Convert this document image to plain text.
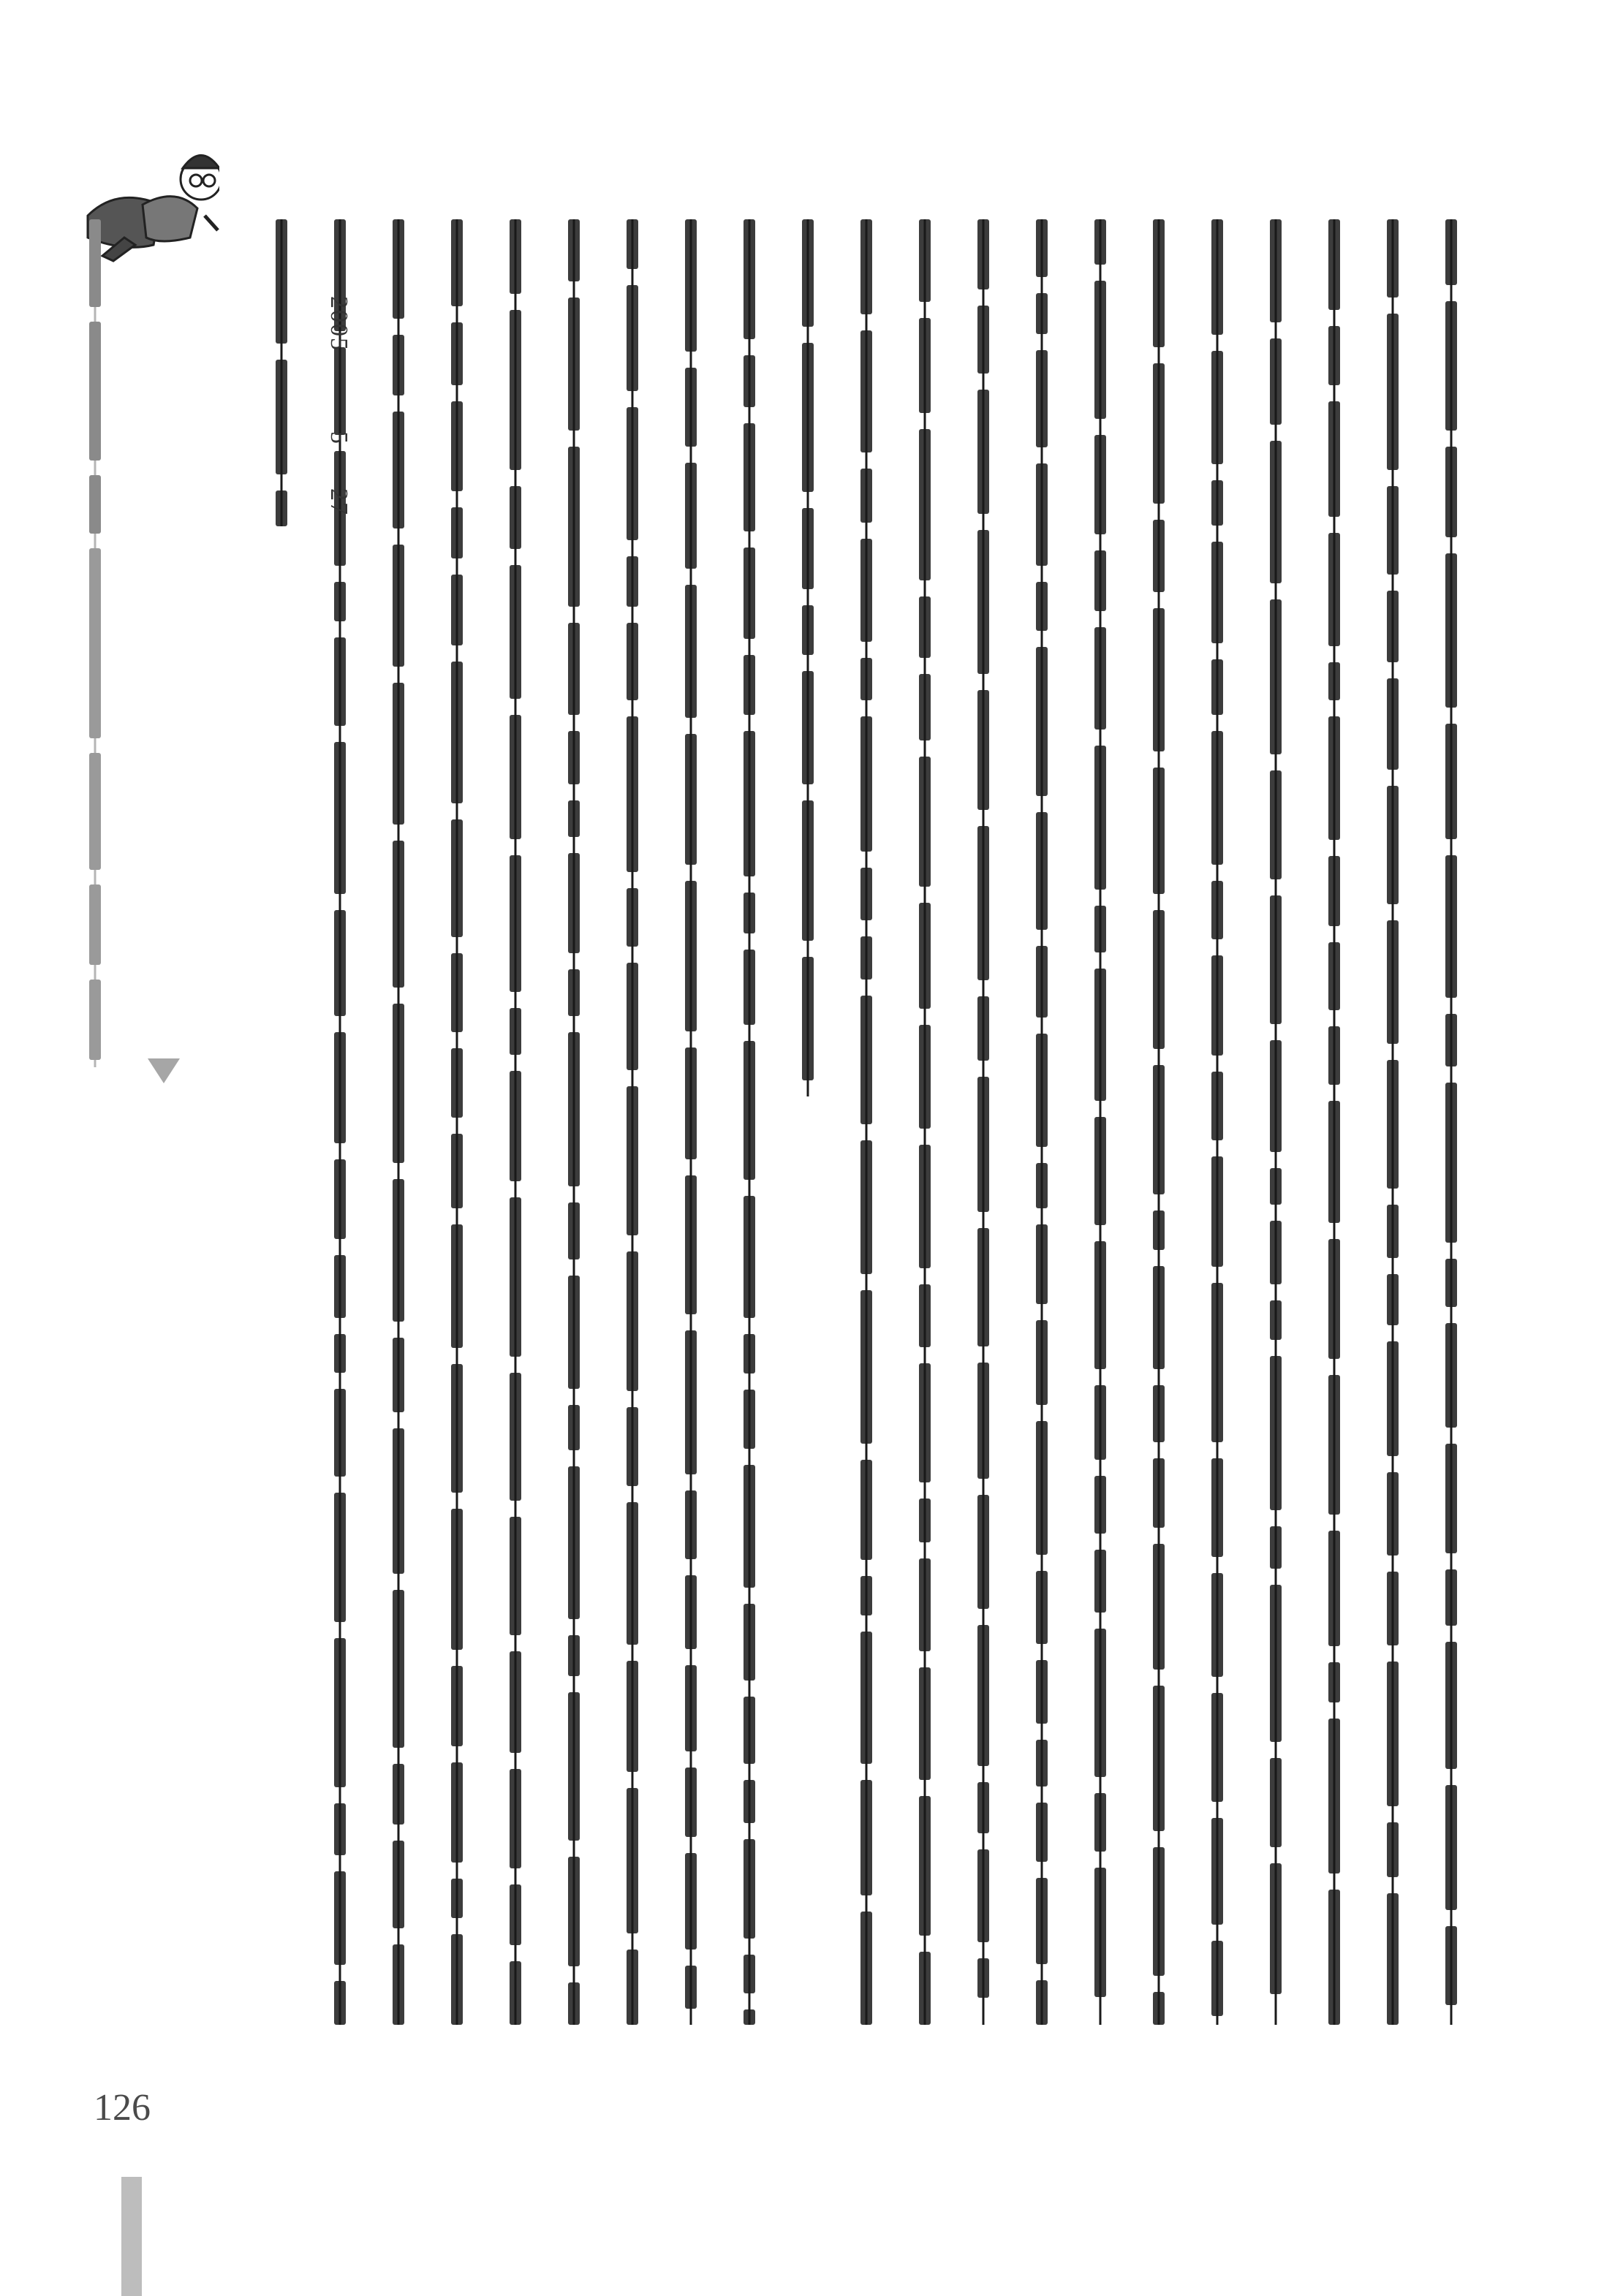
2005
5
27
126
